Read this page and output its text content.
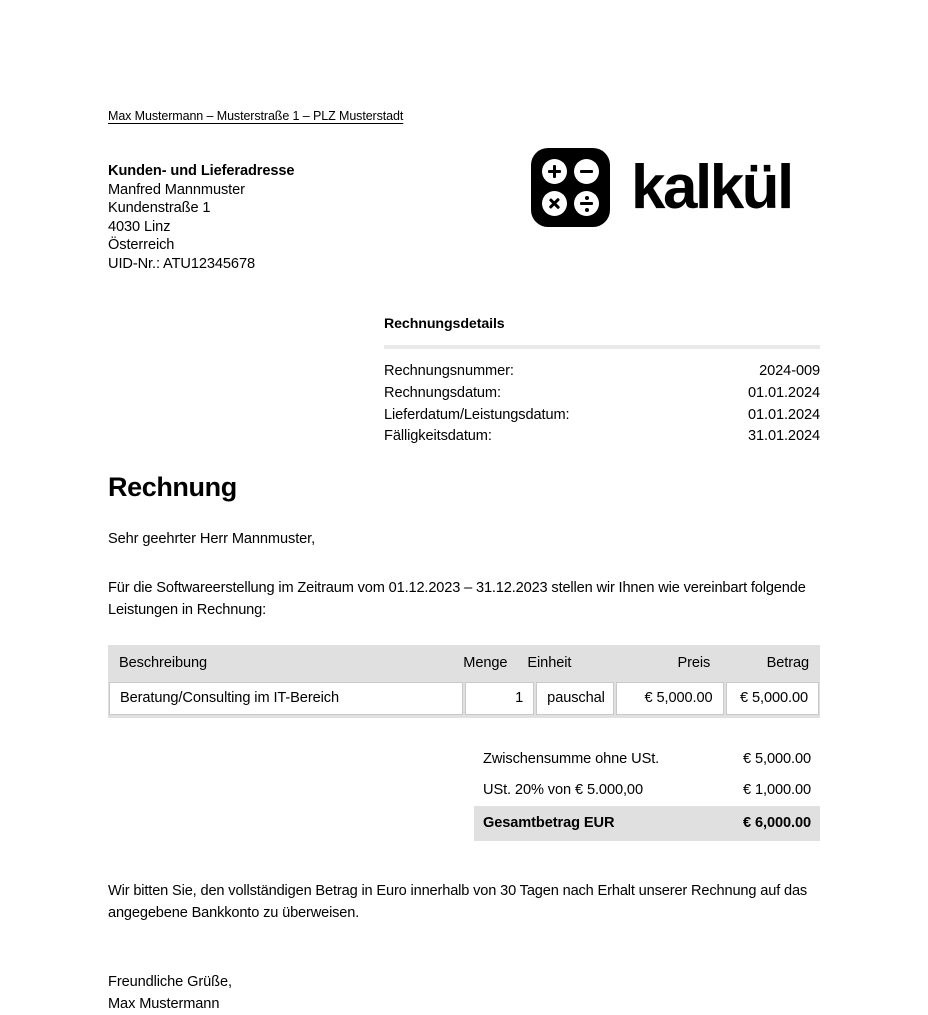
Max Mustermann – Musterstraße 1 – PLZ Musterstadt
Kunden- und Lieferadresse
Manfred Mannmuster
Kundenstraße 1
4030 Linz
Österreich
UID-Nr.: ATU12345678
kalkül
Rechnungsdetails
Rechnungsnummer:	2024-009
Rechnungsdatum:	01.01.2024
Lieferdatum/Leistungsdatum:	01.01.2024
Fälligkeitsdatum:	31.01.2024
Rechnung
Sehr geehrter Herr Mannmuster,
Für die Softwareerstellung im Zeitraum vom 01.12.2023 – 31.12.2023 stellen wir Ihnen wie vereinbart folgende Leistungen in Rechnung:
Beschreibung	Menge	Einheit	Preis	Betrag
Beratung/Consulting im IT-Bereich	1	pauschal	€ 5,000.00	€ 5,000.00
Zwischensumme ohne USt.	€ 5,000.00
USt. 20% von € 5.000,00	€ 1,000.00
Gesamtbetrag EUR	€ 6,000.00
Wir bitten Sie, den vollständigen Betrag in Euro innerhalb von 30 Tagen nach Erhalt unserer Rechnung auf das angegebene Bankkonto zu überweisen.
Freundliche Grüße,
Max Mustermann
